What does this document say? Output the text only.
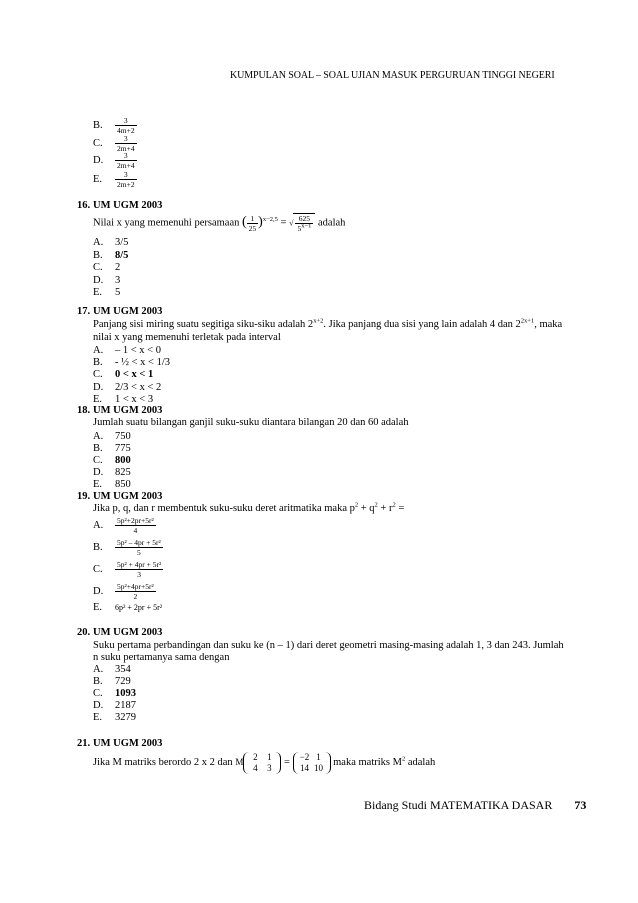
KUMPULAN SOAL – SOAL UJIAN MASUK PERGURUAN TINGGI NEGERI
B. $\frac{3}{4m+2}$
C. $\frac{3}{2m+4}$
D. $\frac{3}{2m+4}$
E. $\frac{3}{2m+2}$
16. UM UGM 2003
Nilai x yang memenuhi persamaan ( $\frac{1}{25} )^{x-2,5}$ = √ $\frac{625}{5^{x-1}}$ adalah
A. 3/5
B. 8/5
C. 2
D. 3
E. 5
17. UM UGM 2003
Panjang sisi miring suatu segitiga siku-siku adalah $2^{x+2}$. Jika panjang dua sisi yang lain adalah 4 dan $2^{2x+1}$, maka
nilai x yang memenuhi terletak pada interval
A. – 1 < x < 0
B. - ½ < x < 1/3
C. 0 < x < 1
D. 2/3 < x < 2
E. 1 < x < 3
18. UM UGM 2003
Jumlah suatu bilangan ganjil suku-suku diantara bilangan 20 dan 60 adalah
A. 750
B. 775
C. 800
D. 825
E. 850
19. UM UGM 2003
Jika p, q, dan r membentuk suku-suku deret aritmatika maka $p^2 + q^2 + r^2$ =
A. $\frac{\text{5p²+2pr+5r²}}{4}$
B. $\frac{\text{5p² – 4pr + 5r²}}{5}$
C. $\frac{\text{5p² + 4pr + 5r²}}{3}$
D. $\frac{\text{5p²+4pr+5r²}}{2}$
E. 6p² + 2pr + 5r²
20. UM UGM 2003
Suku pertama perbandingan dan suku ke (n – 1) dari deret geometri masing-masing adalah 1, 3 dan 243. Jumlah
n suku pertamanya sama dengan
A. 354
B. 729
C. 1093
D. 2187
E. 3279
21. UM UGM 2003
Jika M matriks berordo 2 x 2 dan M2 1
4 3 = −2 1
14 10 maka matriks $M^2$ adalah
Bidang Studi MATEMATIKA DASAR 73
